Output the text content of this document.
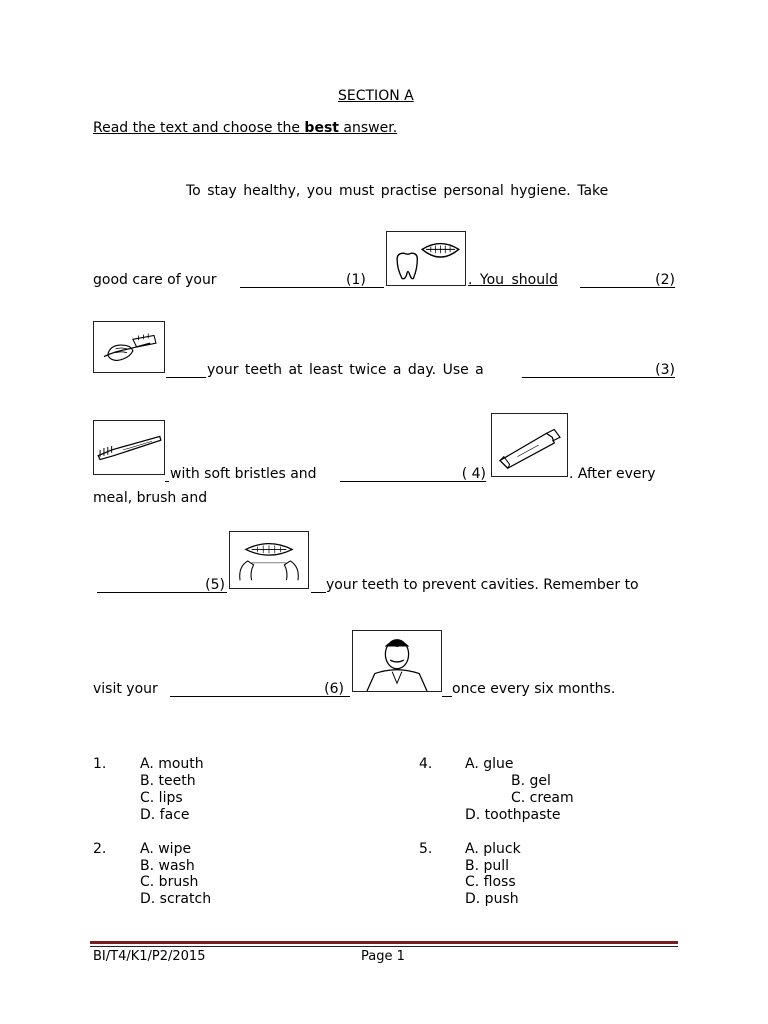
SECTION A
Read the text and choose the best answer.
To stay healthy, you must practise personal hygiene. Take
good care of your	(1)	. You should	(2)
your teeth at least twice a day. Use a	(3)
with soft bristles and	( 4)	. After every
meal, brush and
(5)	your teeth to prevent cavities. Remember to
visit your	(6)	once every six months.
1. A. mouth
B. teeth
C. lips
D. face
4. A. glue
B. gel
C. cream
D. toothpaste
2. A. wipe
B. wash
C. brush
D. scratch
5. A. pluck
B. pull
C. floss
D. push
BI/T4/K1/P2/2015	Page 1
